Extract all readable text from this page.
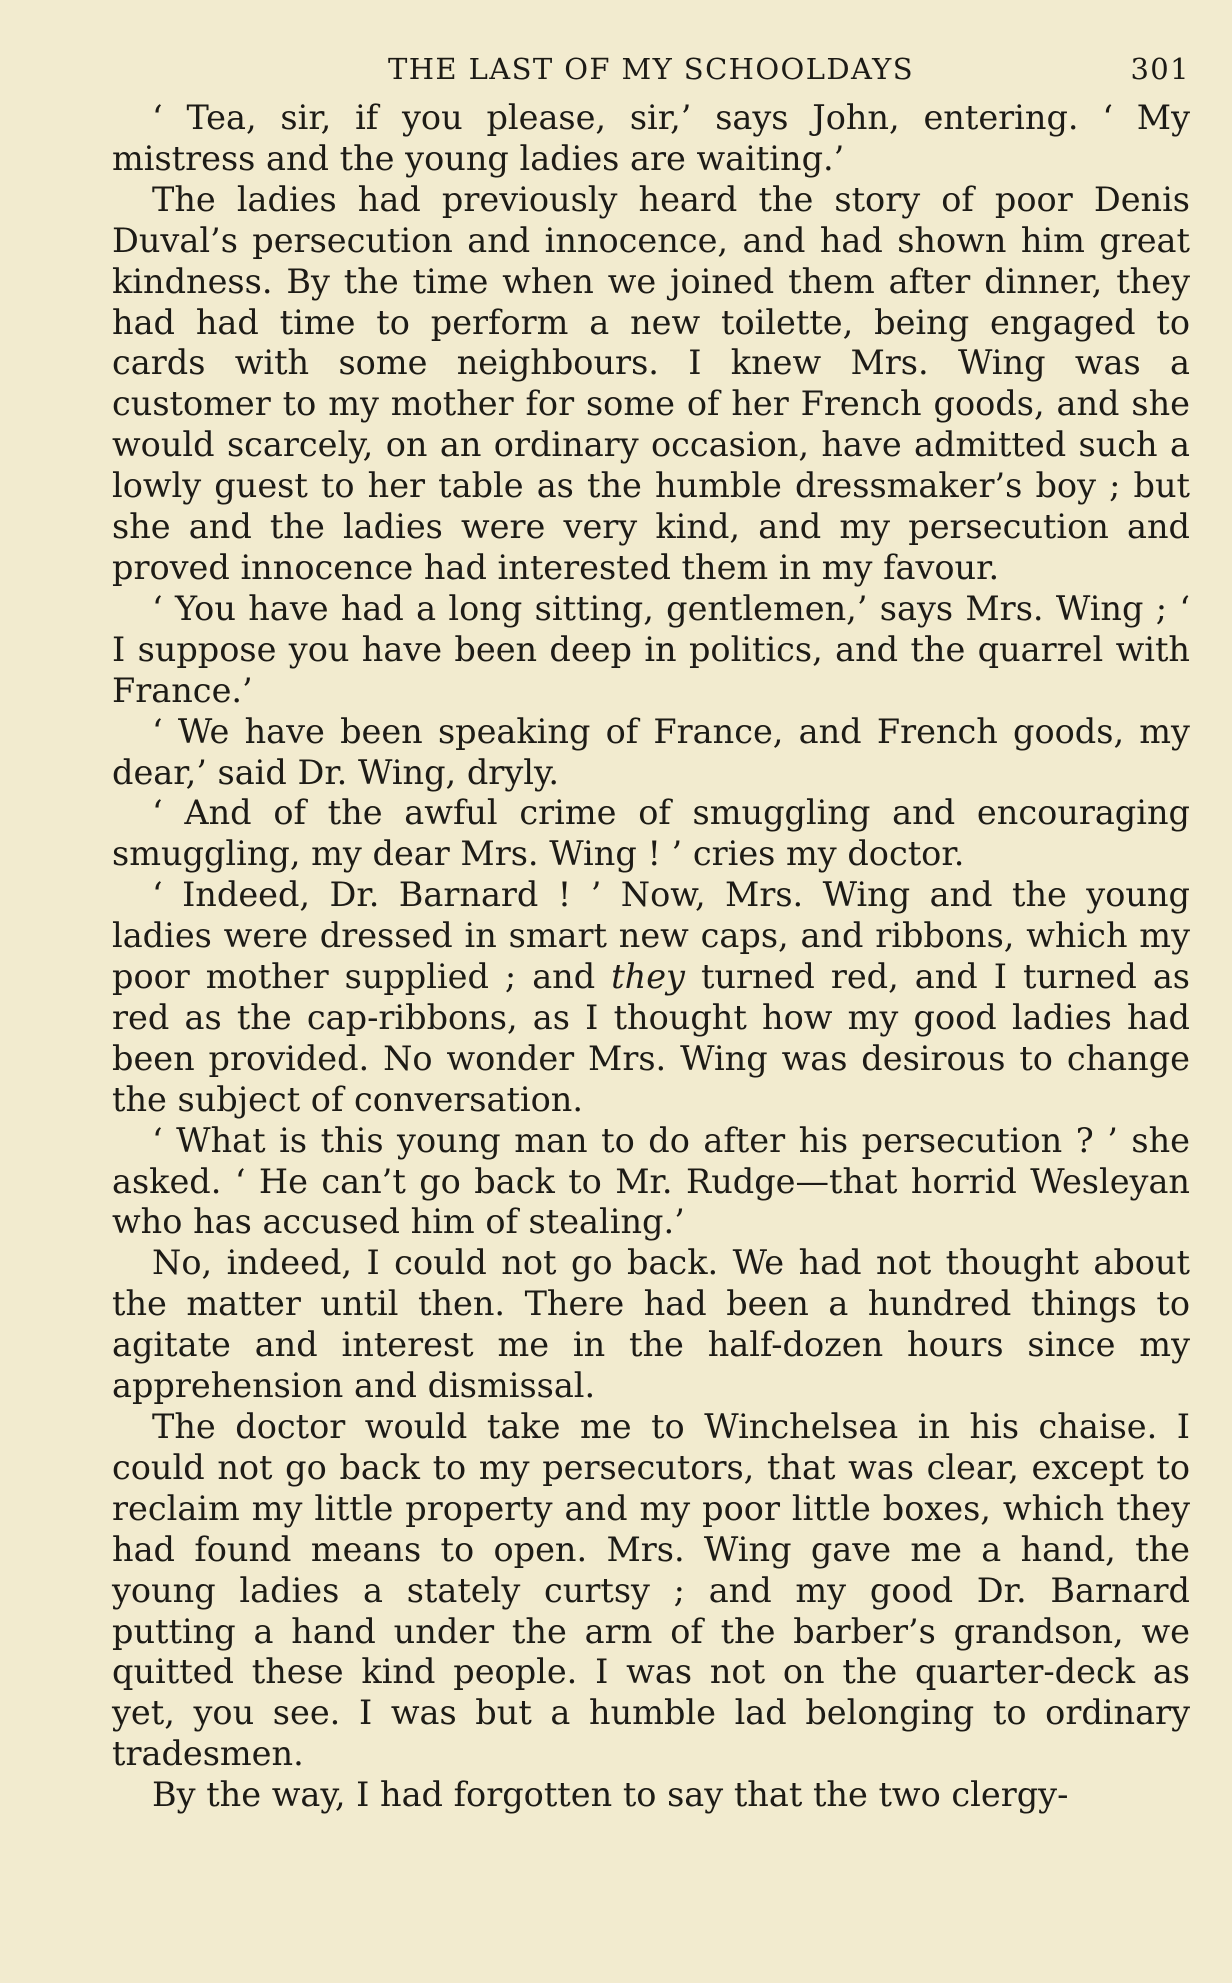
THE LAST OF MY SCHOOLDAYS	301

‘ Tea, sir, if you please, sir,’ says John, entering. ‘ My mistress and the young ladies are waiting.’

The ladies had previously heard the story of poor Denis Duval’s persecution and innocence, and had shown him great kindness. By the time when we joined them after dinner, they had had time to perform a new toilette, being engaged to cards with some neighbours. I knew Mrs. Wing was a customer to my mother for some of her French goods, and she would scarcely, on an ordinary occasion, have admitted such a lowly guest to her table as the humble dressmaker’s boy ; but she and the ladies were very kind, and my persecution and proved innocence had interested them in my favour.

‘ You have had a long sitting, gentlemen,’ says Mrs. Wing ; ‘ I suppose you have been deep in politics, and the quarrel with France.’

‘ We have been speaking of France, and French goods, my dear,’ said Dr. Wing, dryly.

‘ And of the awful crime of smuggling and encouraging smuggling, my dear Mrs. Wing ! ’ cries my doctor.

‘ Indeed, Dr. Barnard ! ’ Now, Mrs. Wing and the young ladies were dressed in smart new caps, and ribbons, which my poor mother supplied ; and they turned red, and I turned as red as the cap-ribbons, as I thought how my good ladies had been provided. No wonder Mrs. Wing was desirous to change the subject of conversation.

‘ What is this young man to do after his persecution ? ’ she asked. ‘ He can’t go back to Mr. Rudge—that horrid Wesleyan who has accused him of stealing.’

No, indeed, I could not go back. We had not thought about the matter until then. There had been a hundred things to agitate and interest me in the half-dozen hours since my apprehension and dismissal.

The doctor would take me to Winchelsea in his chaise. I could not go back to my persecutors, that was clear, except to reclaim my little property and my poor little boxes, which they had found means to open. Mrs. Wing gave me a hand, the young ladies a stately curtsy ; and my good Dr. Barnard putting a hand under the arm of the barber’s grandson, we quitted these kind people. I was not on the quarter-deck as yet, you see. I was but a humble lad belonging to ordinary tradesmen.

By the way, I had forgotten to say that the two clergy-
